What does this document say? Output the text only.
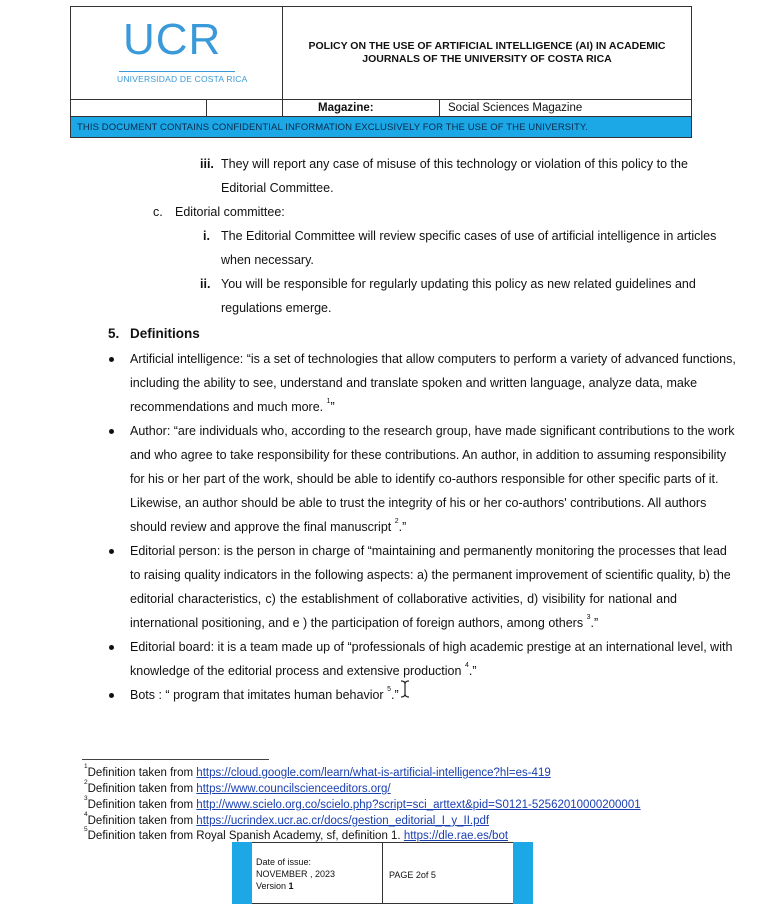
UCR
UNIVERSIDAD DE COSTA RICA
POLICY ON THE USE OF ARTIFICIAL INTELLIGENCE (AI) IN ACADEMIC JOURNALS OF THE UNIVERSITY OF COSTA RICA
Magazine:	Social Sciences Magazine
THIS DOCUMENT CONTAINS CONFIDENTIAL INFORMATION EXCLUSIVELY FOR THE USE OF THE UNIVERSITY.
iii. They will report any case of misuse of this technology or violation of this policy to the
Editorial Committee.
c. Editorial committee:
i. The Editorial Committee will review specific cases of use of artificial intelligence in articles
when necessary.
ii. You will be responsible for regularly updating this policy as new related guidelines and
regulations emerge.
5. Definitions
Artificial intelligence: “is a set of technologies that allow computers to perform a variety of advanced functions,
including the ability to see, understand and translate spoken and written language, analyze data, make
recommendations and much more. $^1$”
Author: “are individuals who, according to the research group, have made significant contributions to the work
and who agree to take responsibility for these contributions. An author, in addition to assuming responsibility
for his or her part of the work, should be able to identify co-authors responsible for other specific parts of it.
Likewise, an author should be able to trust the integrity of his or her co-authors' contributions. All authors
should review and approve the final manuscript $^2$.”
Editorial person: is the person in charge of “maintaining and permanently monitoring the processes that lead
to raising quality indicators in the following aspects: a) the permanent improvement of scientific quality, b) the
editorial characteristics, c) the establishment of collaborative activities, d) visibility for national and
international positioning, and e ) the participation of foreign authors, among others $^3$.”
Editorial board: it is a team made up of “professionals of high academic prestige at an international level, with
knowledge of the editorial process and extensive production $^4$.”
Bots : “ program that imitates human behavior $^5$.”
$^1$Definition taken from https://cloud.google.com/learn/what-is-artificial-intelligence?hl=es-419
$^2$Definition taken from https://www.councilscienceeditors.org/
$^3$Definition taken from http://www.scielo.org.co/scielo.php?script=sci_arttext&pid=S0121-52562010000200001
$^4$Definition taken from https://ucrindex.ucr.ac.cr/docs/gestion_editorial_I_y_II.pdf
$^5$Definition taken from Royal Spanish Academy, sf, definition 1. https://dle.rae.es/bot
Date of issue:
NOVEMBER , 2023
Version 1
PAGE 2of 5
